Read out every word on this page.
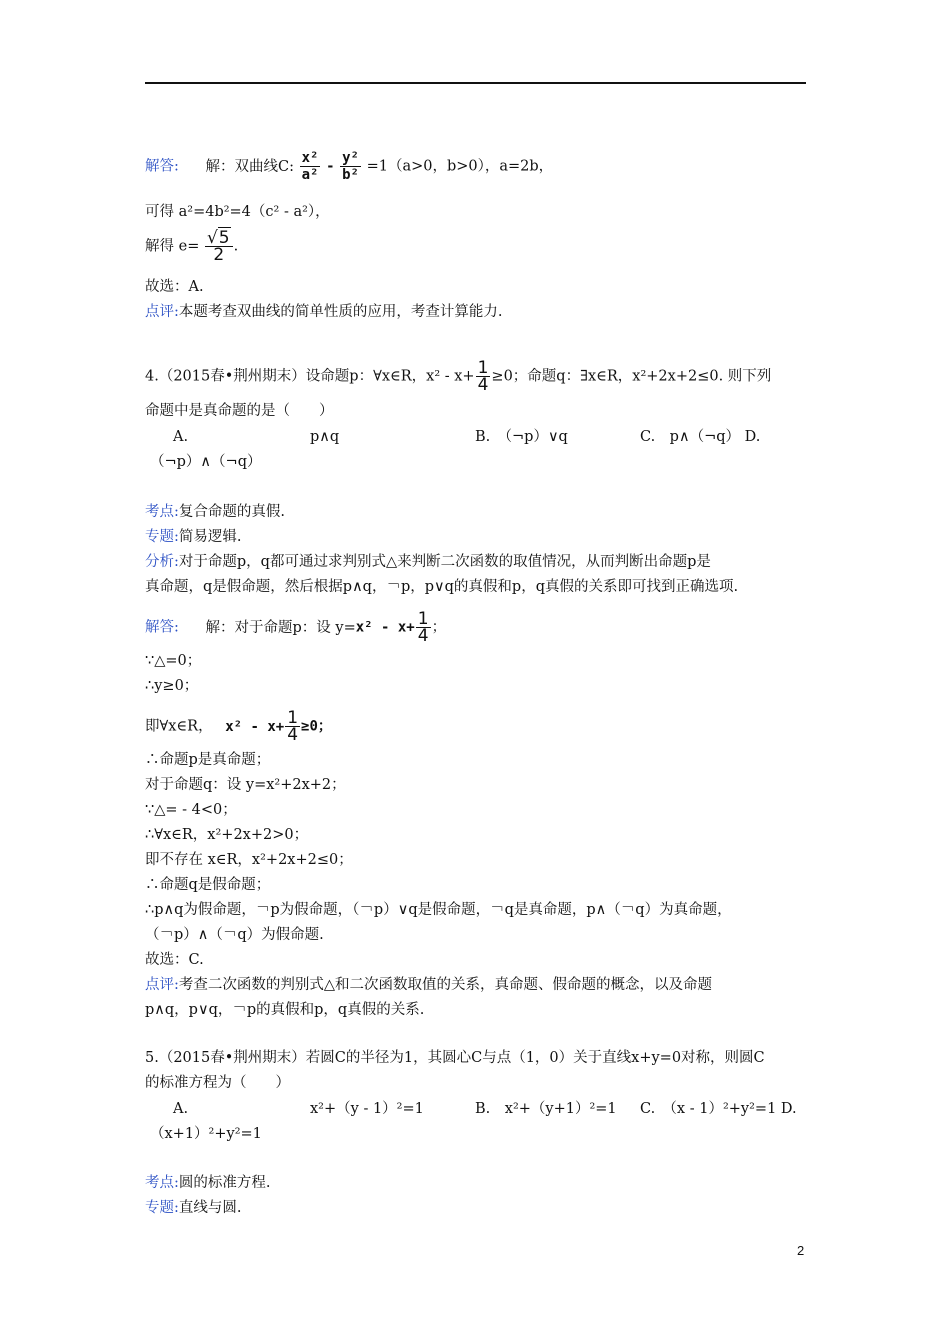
解答: 解：双曲线C: $\frac{\text{x²}}{\text{a²}} - \frac{\text{y²}}{\text{b²}} =1(a>0$，b>0），a=2b，
可得 a²=4b²=4（c² - a²），
解得 $e= \frac{√5}{2}$ .
故选：A.
点评:本题考查双曲线的简单性质的应用，考查计算能力.
4.（2015春•荆州期末）设命题p：∀x∈R，$x^2 - x+ \frac{1}{4} \ge 0$；命题q：∃x∈R，x²+2x+2≤0. 则下列
命题中是真命题的是（　　）
A.	p∧q	B.　（¬p）∨q	C.　p∧（¬q） D.
（¬p）∧（¬q）
考点:复合命题的真假.
专题:简易逻辑.
分析:对于命题p，q都可通过求判别式△来判断二次函数的取值情况，从而判断出命题p是
真命题，q是假命题，然后根据p∧q，￢p，p∨q的真假和p，q真假的关系即可找到正确选项.
解答: 解：对于命题p：设 $y=x^2 - x+ \frac{1}{4}$ ；
∵△=0；
∴y≥0；
即∀x∈R， $x^2 - x+ \frac{1}{4} \ge 0$；
∴命题p是真命题；
对于命题q：设 y=x²+2x+2；
∵△= - 4<0；
∴∀x∈R，x²+2x+2>0；
即不存在 x∈R，x²+2x+2≤0；
∴命题q是假命题；
∴p∧q为假命题，￢p为假命题，（￢p）∨q是假命题，￢q是真命题，p∧（￢q）为真命题，
（￢p）∧（￢q）为假命题.
故选：C.
点评:考查二次函数的判别式△和二次函数取值的关系，真命题、假命题的概念，以及命题
p∧q，p∨q，￢p的真假和p，q真假的关系.
5.（2015春•荆州期末）若圆C的半径为1，其圆心C与点（1，0）关于直线x+y=0对称，则圆C
的标准方程为（　　）
A.	x²+（y - 1）²=1	B.　x²+（y+1）²=1 C.　（x - 1）²+y²=1 D.
（x+1）²+y²=1
考点:圆的标准方程.
专题:直线与圆.
2
